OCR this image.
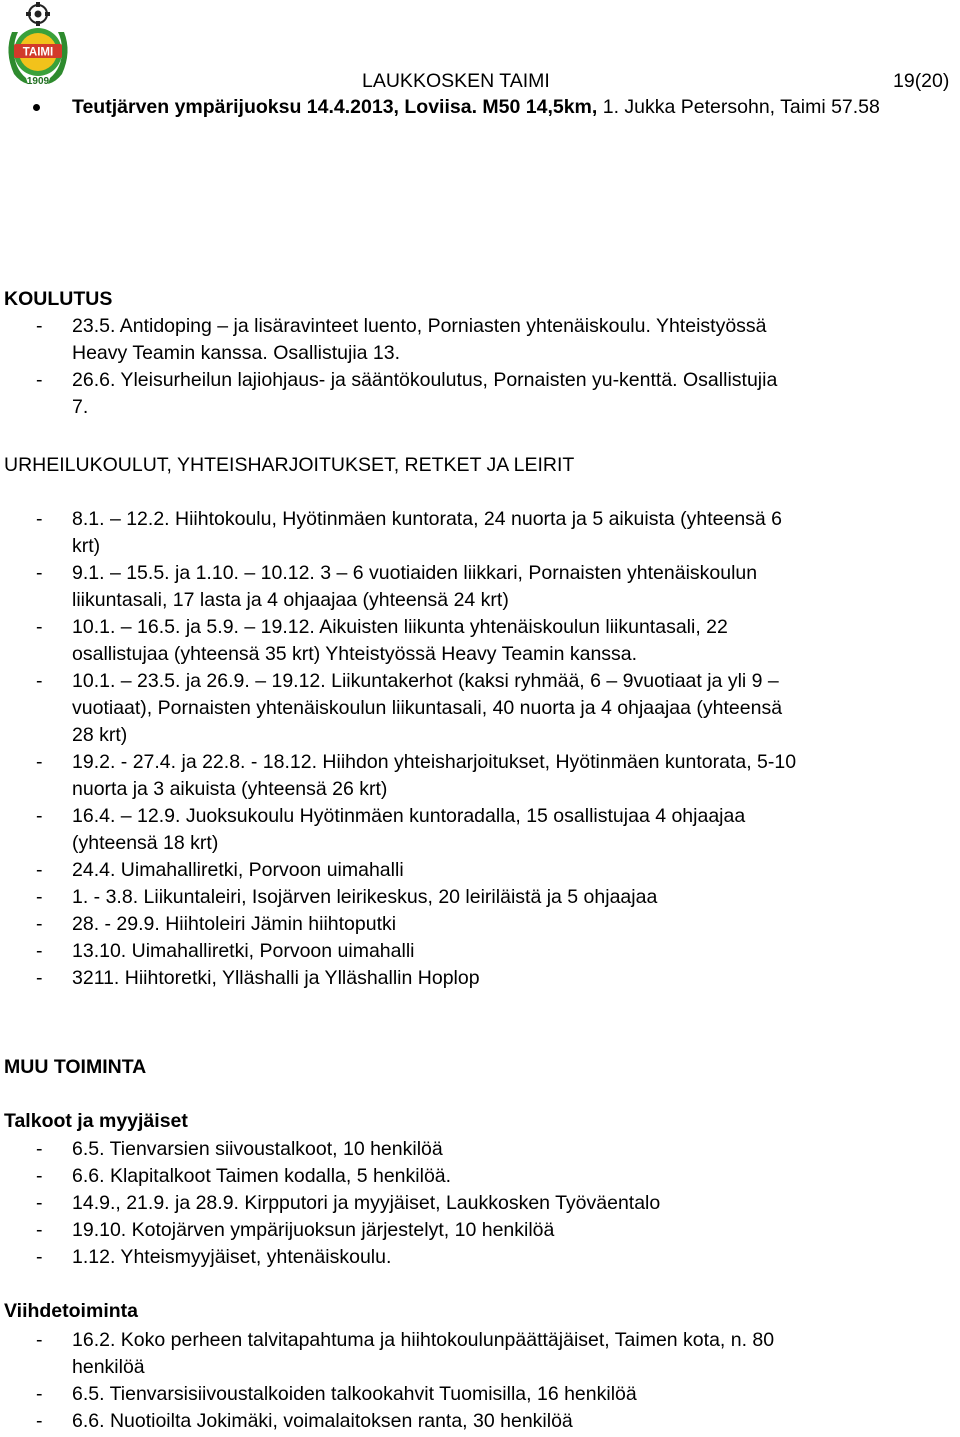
TAIMI
1909	LAUKKOSKEN TAIMI	19(20)
Teutjärven ympärijuoksu 14.4.2013, Loviisa. M50 14,5km, 1. Jukka Petersohn, Taimi 57.58
KOULUTUS
-	23.5. Antidoping – ja lisäravinteet luento, Porniasten yhtenäiskoulu. Yhteistyössä
Heavy Teamin kanssa. Osallistujia 13.
-	26.6. Yleisurheilun lajiohjaus- ja sääntökoulutus, Pornaisten yu-kenttä. Osallistujia
7.
URHEILUKOULUT, YHTEISHARJOITUKSET, RETKET JA LEIRIT
-	8.1. – 12.2. Hiihtokoulu, Hyötinmäen kuntorata, 24 nuorta ja 5 aikuista (yhteensä 6
krt)
-	9.1. – 15.5. ja 1.10. – 10.12. 3 – 6 vuotiaiden liikkari, Pornaisten yhtenäiskoulun
liikuntasali, 17 lasta ja 4 ohjaajaa (yhteensä 24 krt)
-	10.1. – 16.5. ja 5.9. – 19.12. Aikuisten liikunta yhtenäiskoulun liikuntasali, 22
osallistujaa (yhteensä 35 krt) Yhteistyössä Heavy Teamin kanssa.
-	10.1. – 23.5. ja 26.9. – 19.12. Liikuntakerhot (kaksi ryhmää, 6 – 9vuotiaat ja yli 9 –
vuotiaat), Pornaisten yhtenäiskoulun liikuntasali, 40 nuorta ja 4 ohjaajaa (yhteensä
28 krt)
-	19.2. - 27.4. ja 22.8. - 18.12. Hiihdon yhteisharjoitukset, Hyötinmäen kuntorata, 5-10
nuorta ja 3 aikuista (yhteensä 26 krt)
-	16.4. – 12.9. Juoksukoulu Hyötinmäen kuntoradalla, 15 osallistujaa 4 ohjaajaa
(yhteensä 18 krt)
-	24.4. Uimahalliretki, Porvoon uimahalli
-	1. - 3.8. Liikuntaleiri, Isojärven leirikeskus, 20 leiriläistä ja 5 ohjaajaa
-	28. - 29.9. Hiihtoleiri Jämin hiihtoputki
-	13.10. Uimahalliretki, Porvoon uimahalli
-	3211. Hiihtoretki, Ylläshalli ja Ylläshallin Hoplop
MUU TOIMINTA
Talkoot ja myyjäiset
-	6.5. Tienvarsien siivoustalkoot, 10 henkilöä
-	6.6. Klapitalkoot Taimen kodalla, 5 henkilöä.
-	14.9., 21.9. ja 28.9. Kirpputori ja myyjäiset, Laukkosken Työväentalo
-	19.10. Kotojärven ympärijuoksun järjestelyt, 10 henkilöä
-	1.12. Yhteismyyjäiset, yhtenäiskoulu.
Viihdetoiminta
-	16.2. Koko perheen talvitapahtuma ja hiihtokoulunpäättäjäiset, Taimen kota, n. 80
henkilöä
-	6.5. Tienvarsisiivoustalkoiden talkookahvit Tuomisilla, 16 henkilöä
-	6.6. Nuotioilta Jokimäki, voimalaitoksen ranta, 30 henkilöä
